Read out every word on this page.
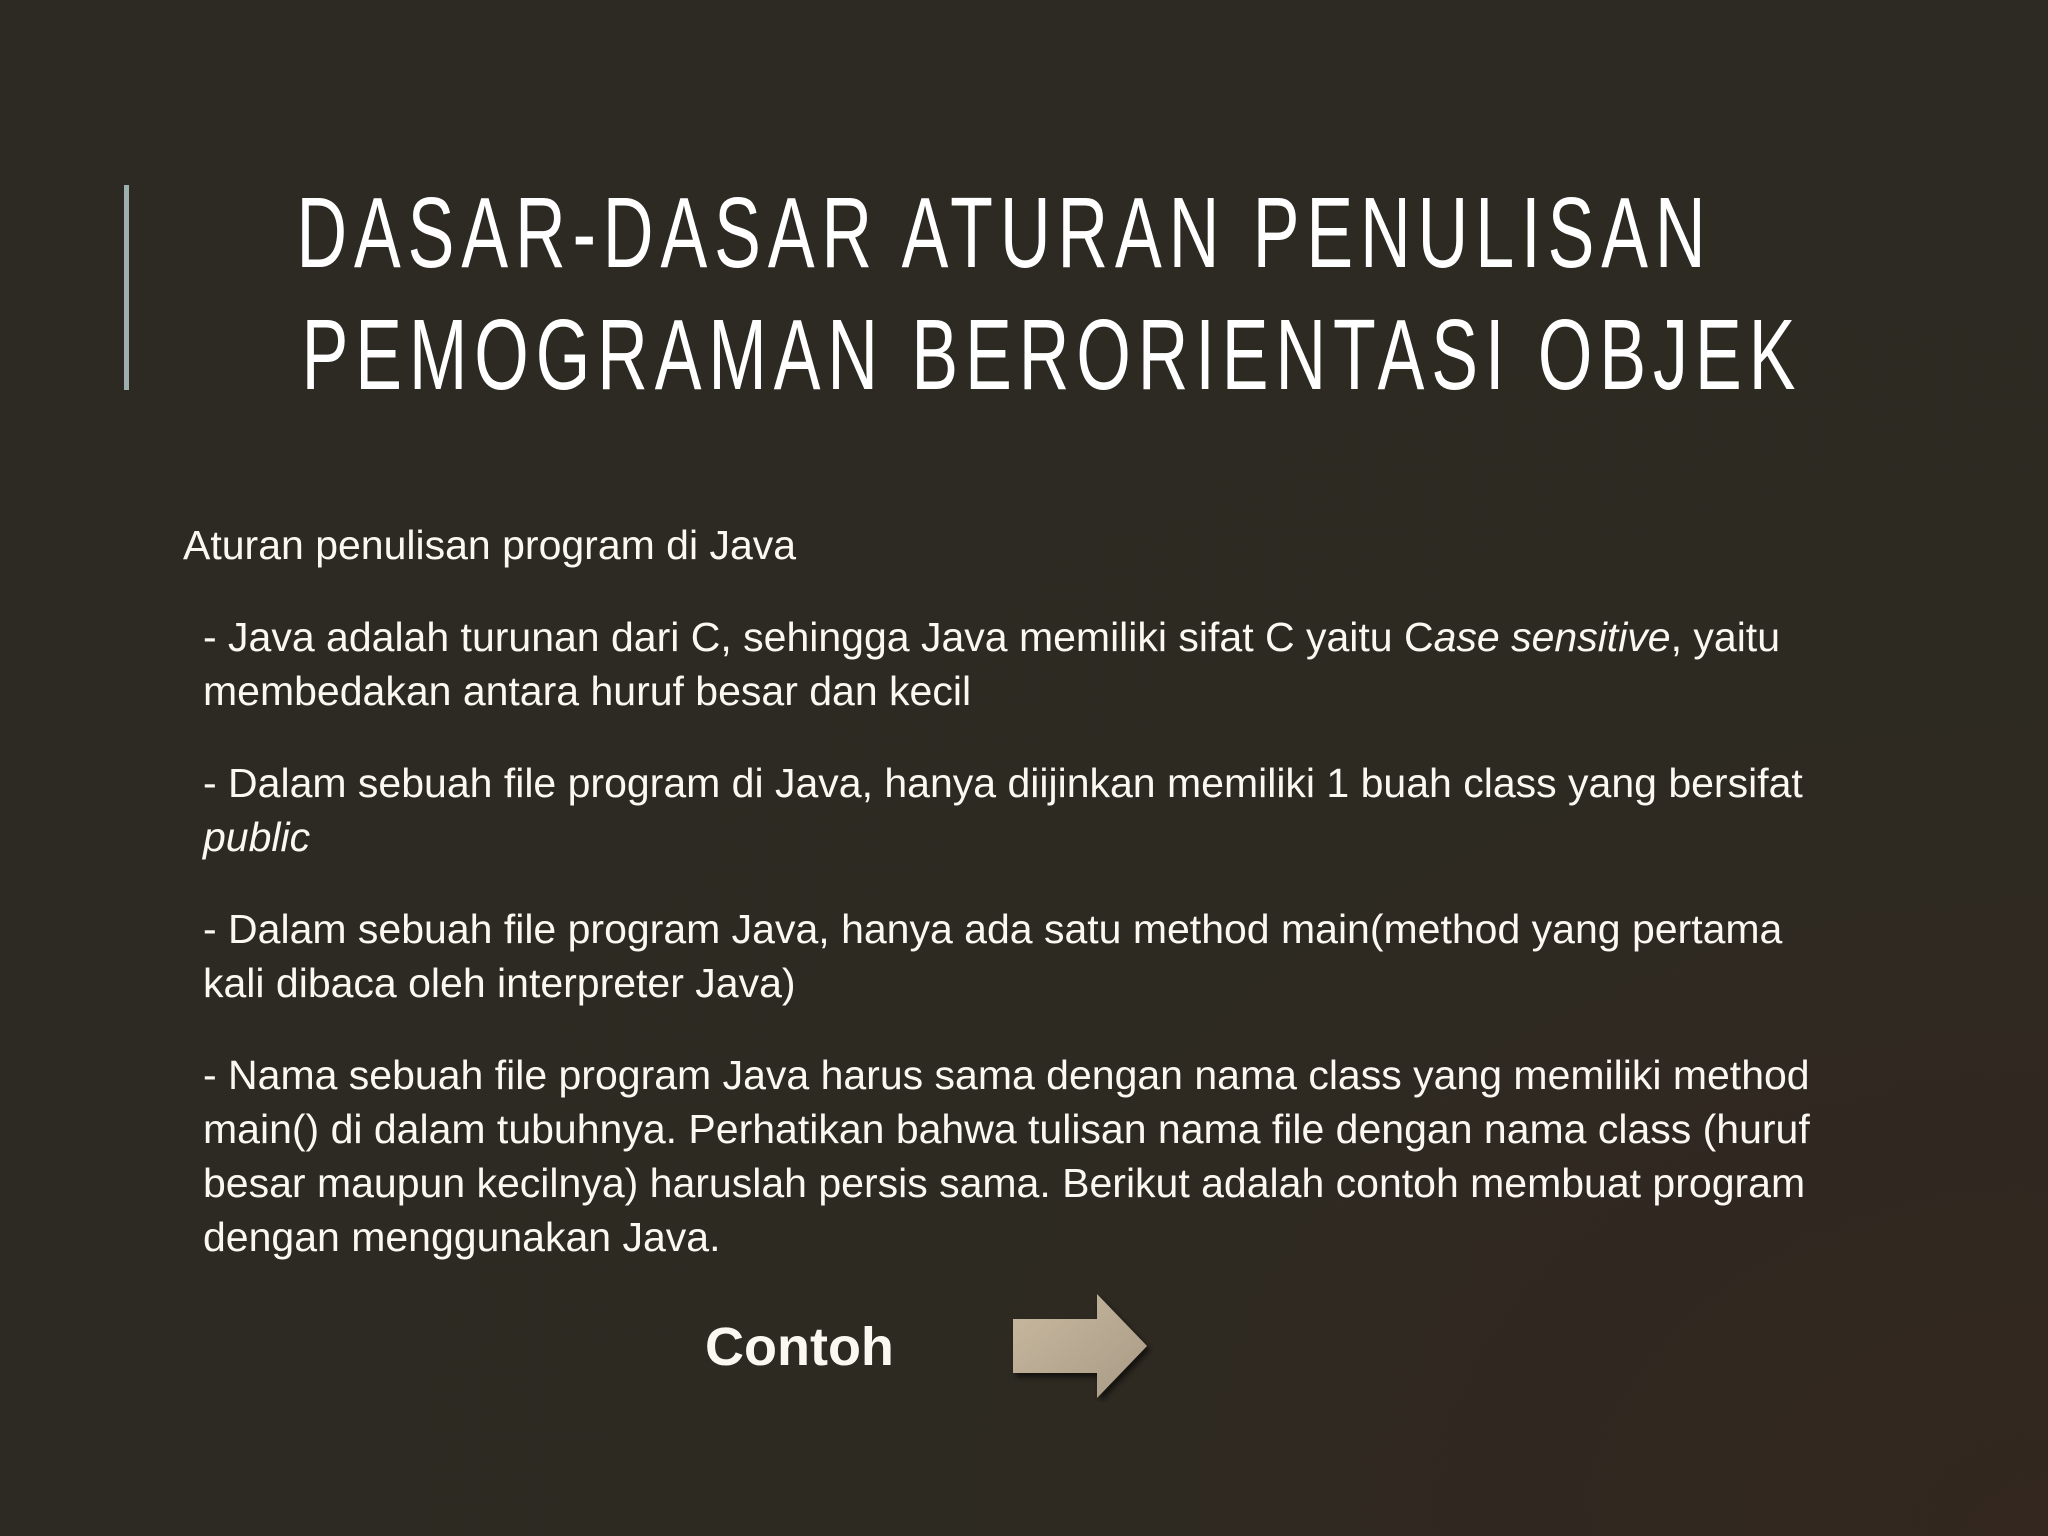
DASAR-DASAR ATURAN PENULISAN
PEMOGRAMAN BERORIENTASI OBJEK

Aturan penulisan program di Java

- Java adalah turunan dari C, sehingga Java memiliki sifat C yaitu Case sensitive, yaitu membedakan antara huruf besar dan kecil

- Dalam sebuah file program di Java, hanya diijinkan memiliki 1 buah class yang bersifat public

- Dalam sebuah file program Java, hanya ada satu method main(method yang pertama kali dibaca oleh interpreter Java)

- Nama sebuah file program Java harus sama dengan nama class yang memiliki method main() di dalam tubuhnya. Perhatikan bahwa tulisan nama file dengan nama class (huruf besar maupun kecilnya) haruslah persis sama. Berikut adalah contoh membuat program dengan menggunakan Java.

Contoh
